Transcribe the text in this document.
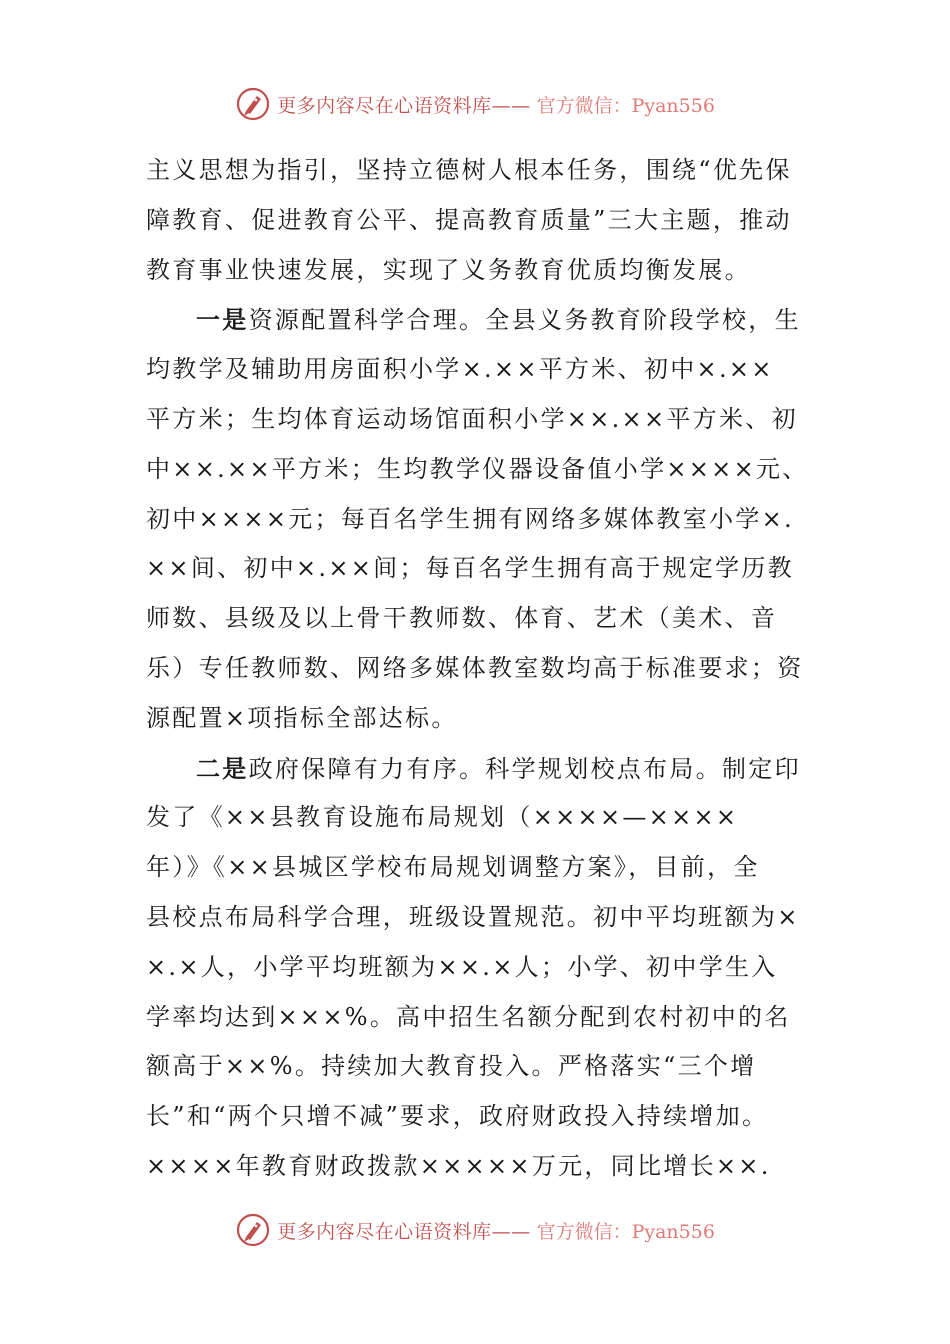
更多内容尽在心语资料库—— 官方微信：Pyan556
主义思想为指引，坚持立德树人根本任务，围绕“优先保
障教育、促进教育公平、提高教育质量”三大主题，推动
教育事业快速发展，实现了义务教育优质均衡发展。
一是资源配置科学合理。全县义务教育阶段学校，生
均教学及辅助用房面积小学×.××平方米、初中×.××
平方米；生均体育运动场馆面积小学××.××平方米、初
中××.××平方米；生均教学仪器设备值小学××××元、
初中××××元；每百名学生拥有网络多媒体教室小学×.
××间、初中×.××间；每百名学生拥有高于规定学历教
师数、县级及以上骨干教师数、体育、艺术（美术、音
乐）专任教师数、网络多媒体教室数均高于标准要求；资
源配置×项指标全部达标。
二是政府保障有力有序。科学规划校点布局。制定印
发了《××县教育设施布局规划（××××—××××
年）》《××县城区学校布局规划调整方案》，目前，全
县校点布局科学合理，班级设置规范。初中平均班额为×
×.×人，小学平均班额为××.×人；小学、初中学生入
学率均达到×××%。高中招生名额分配到农村初中的名
额高于××%。持续加大教育投入。严格落实“三个增
长”和“两个只增不减”要求，政府财政投入持续增加。
××××年教育财政拨款×××××万元，同比增长××.
更多内容尽在心语资料库—— 官方微信：Pyan556
